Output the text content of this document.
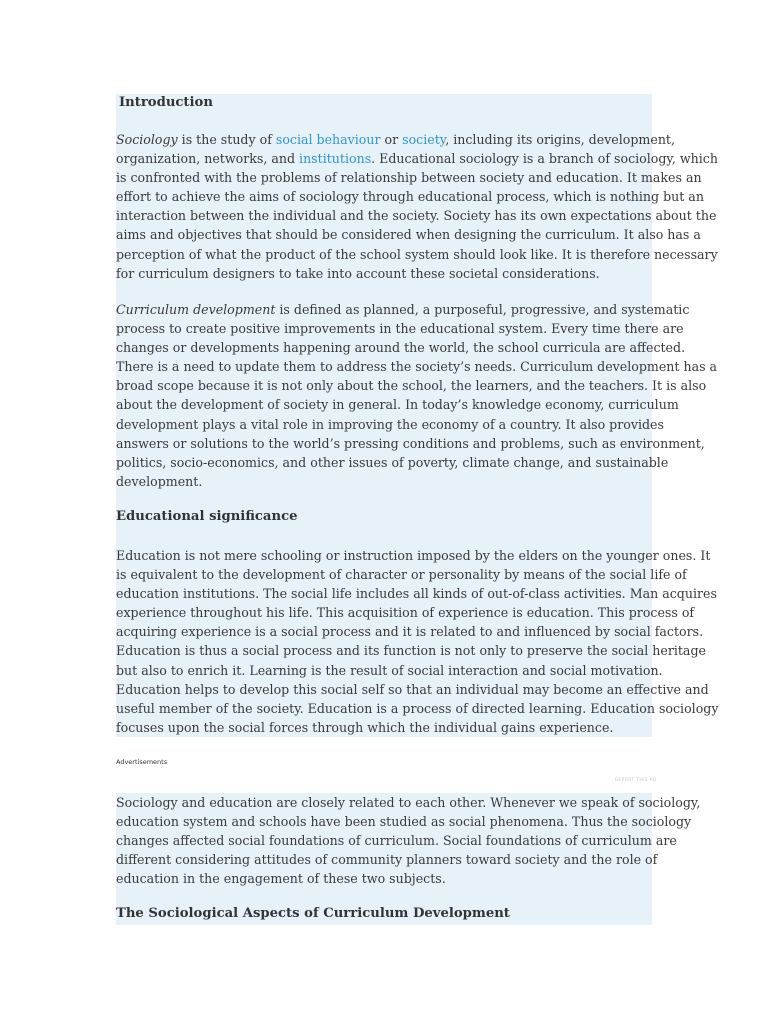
Introduction
Sociology is the study of social behaviour or society, including its origins, development,
organization, networks, and institutions. Educational sociology is a branch of sociology, which
is confronted with the problems of relationship between society and education. It makes an
effort to achieve the aims of sociology through educational process, which is nothing but an
interaction between the individual and the society. Society has its own expectations about the
aims and objectives that should be considered when designing the curriculum. It also has a
perception of what the product of the school system should look like. It is therefore necessary
for curriculum designers to take into account these societal considerations.
Curriculum development is defined as planned, a purposeful, progressive, and systematic
process to create positive improvements in the educational system. Every time there are
changes or developments happening around the world, the school curricula are affected.
There is a need to update them to address the society’s needs. Curriculum development has a
broad scope because it is not only about the school, the learners, and the teachers. It is also
about the development of society in general. In today’s knowledge economy, curriculum
development plays a vital role in improving the economy of a country. It also provides
answers or solutions to the world’s pressing conditions and problems, such as environment,
politics, socio-economics, and other issues of poverty, climate change, and sustainable
development.
Educational significance
Education is not mere schooling or instruction imposed by the elders on the younger ones. It
is equivalent to the development of character or personality by means of the social life of
education institutions. The social life includes all kinds of out-of-class activities. Man acquires
experience throughout his life. This acquisition of experience is education. This process of
acquiring experience is a social process and it is related to and influenced by social factors.
Education is thus a social process and its function is not only to preserve the social heritage
but also to enrich it. Learning is the result of social interaction and social motivation.
Education helps to develop this social self so that an individual may become an effective and
useful member of the society. Education is a process of directed learning. Education sociology
focuses upon the social forces through which the individual gains experience.
Advertisements
REPORT THIS AD
Sociology and education are closely related to each other. Whenever we speak of sociology,
education system and schools have been studied as social phenomena. Thus the sociology
changes affected social foundations of curriculum. Social foundations of curriculum are
different considering attitudes of community planners toward society and the role of
education in the engagement of these two subjects.
The Sociological Aspects of Curriculum Development
